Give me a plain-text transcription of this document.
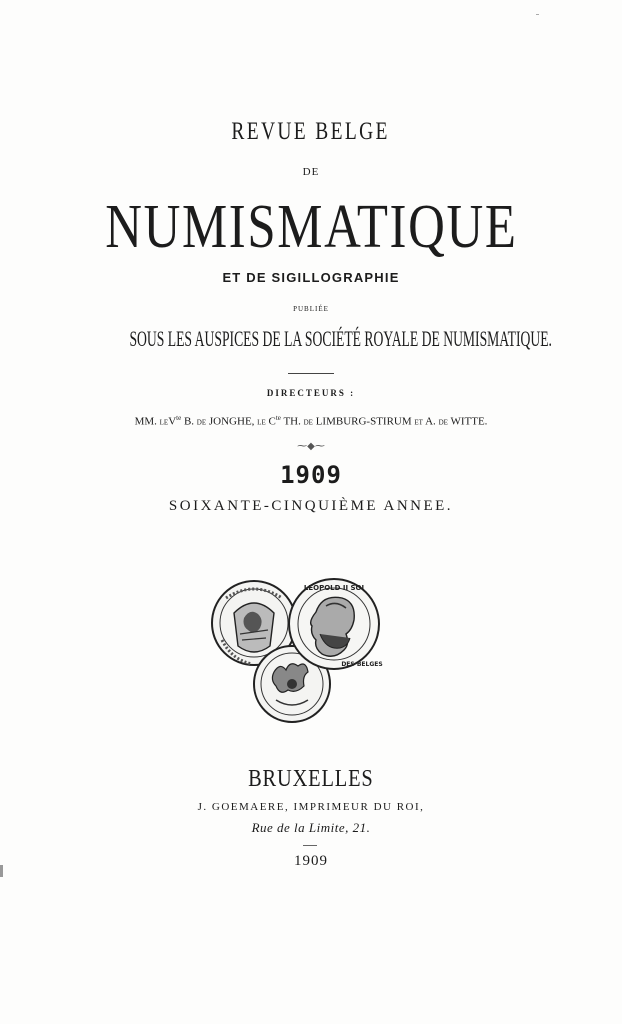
REVUE BELGE

DE

NUMISMATIQUE

ET DE SIGILLOGRAPHIE

PUBLIÉE

SOUS LES AUSPICES DE LA SOCIÉTÉ ROYALE DE NUMISMATIQUE.

DIRECTEURS :

MM. $LEV^{te}$ B. DE JONGHE, LE $C^{te}$ TH. DE LIMBURG-STIRUM ET A. DE WITTE.

⁓◆⁓

1909

SOIXANTE-CINQUIÈME ANNEE.

LEOPOLD II SOI
DES BELGES

BRUXELLES

J. GOEMAERE, IMPRIMEUR DU ROI,

Rue de la Limite, 21.

1909
